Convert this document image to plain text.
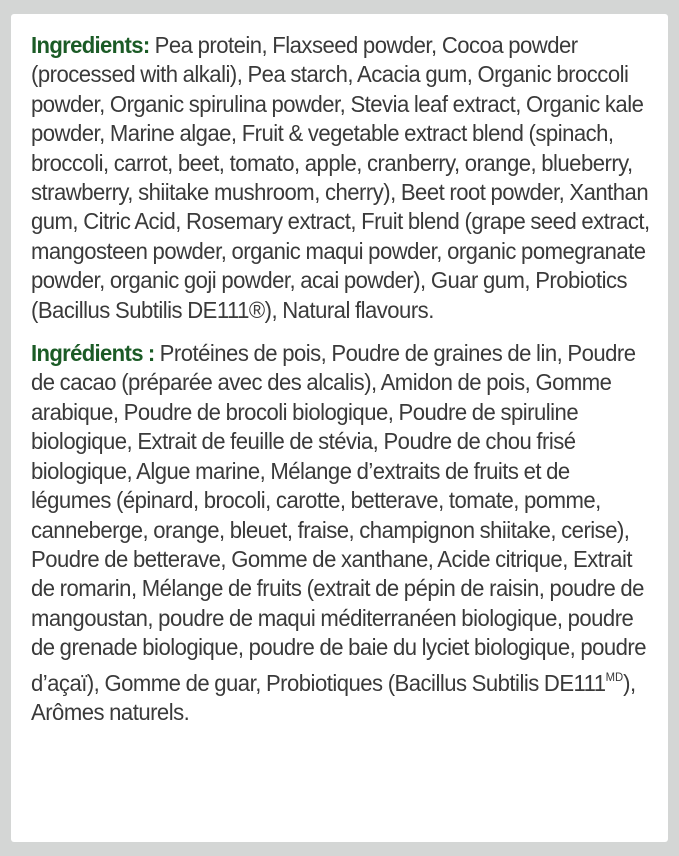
Ingredients: Pea protein, Flaxseed powder, Cocoa powder (processed with alkali), Pea starch, Acacia gum, Organic broccoli powder, Organic spirulina powder, Stevia leaf extract, Organic kale powder, Marine algae, Fruit & vegetable extract blend (spinach, broccoli, carrot, beet, tomato, apple, cranberry, orange, blueberry, strawberry, shiitake mushroom, cherry), Beet root powder, Xanthan gum, Citric Acid, Rosemary extract, Fruit blend (grape seed extract, mangosteen powder, organic maqui powder, organic pomegranate powder, organic goji powder, acai powder), Guar gum, Probiotics (Bacillus Subtilis DE111®), Natural flavours.

Ingrédients : Protéines de pois, Poudre de graines de lin, Poudre de cacao (préparée avec des alcalis), Amidon de pois, Gomme arabique, Poudre de brocoli biologique, Poudre de spiruline biologique, Extrait de feuille de stévia, Poudre de chou frisé biologique, Algue marine, Mélange d’extraits de fruits et de légumes (épinard, brocoli, carotte, betterave, tomate, pomme, canneberge, orange, bleuet, fraise, champignon shiitake, cerise), Poudre de betterave, Gomme de xanthane, Acide citrique, Extrait de romarin, Mélange de fruits (extrait de pépin de raisin, poudre de mangoustan, poudre de maqui méditerranéen biologique, poudre de grenade biologique, poudre de baie du lyciet biologique, poudre d’açaï), Gomme de guar, Probiotiques (Bacillus Subtilis $DE111^{MD}$), Arômes naturels.
